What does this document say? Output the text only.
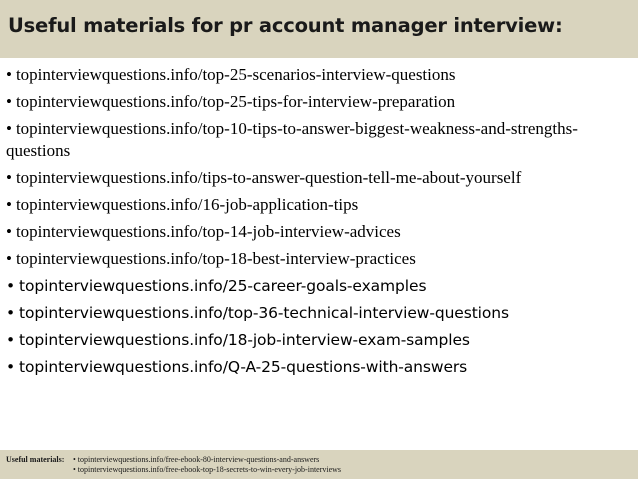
Useful materials for pr account manager interview:
• topinterviewquestions.info/top-25-scenarios-interview-questions
• topinterviewquestions.info/top-25-tips-for-interview-preparation
• topinterviewquestions.info/top-10-tips-to-answer-biggest-weakness-and-strengths-questions
• topinterviewquestions.info/tips-to-answer-question-tell-me-about-yourself
• topinterviewquestions.info/16-job-application-tips
• topinterviewquestions.info/top-14-job-interview-advices
• topinterviewquestions.info/top-18-best-interview-practices
• topinterviewquestions.info/25-career-goals-examples
• topinterviewquestions.info/top-36-technical-interview-questions
• topinterviewquestions.info/18-job-interview-exam-samples
• topinterviewquestions.info/Q-A-25-questions-with-answers
Useful materials: • topinterviewquestions.info/free-ebook-80-interview-questions-and-answers
• topinterviewquestions.info/free-ebook-top-18-secrets-to-win-every-job-interviews
